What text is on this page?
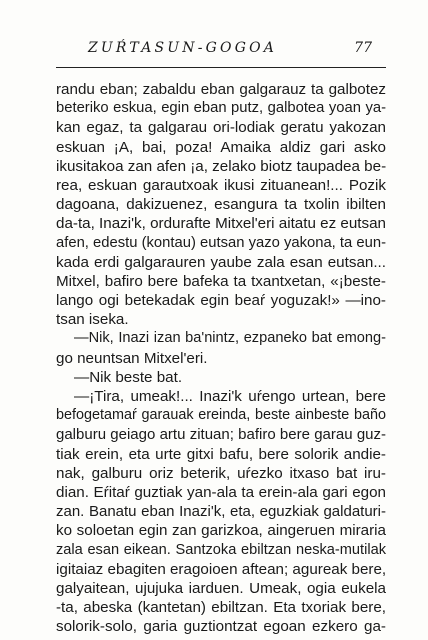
ZUŔTASUN-GOGOA	77
randu eban; zabaldu eban galgarauz ta galbotez
beteriko eskua, egin eban putz, galbotea yoan ya-
kan egaz, ta galgarau ori-lodiak geratu yakozan
eskuan ¡A, bai, poza! Amaika aldiz gari asko
ikusitakoa zan afen ¡a, zelako biotz taupadea be-
rea, eskuan garautxoak ikusi zituanean!... Pozik
dagoana, dakizuenez, esangura ta txolin ibilten
da-ta, Inazi'k, ordurafte Mitxel'eri aitatu ez eutsan
afen, edestu (kontau) eutsan yazo yakona, ta eun-
kada erdi galgarauren yaube zala esan eutsan...
Mitxel, bafiro bere bafeka ta txantxetan, «¡beste-
lango ogi betekadak egin beaŕ yoguzak!» —ino-
tsan iseka.
—Nik, Inazi izan ba'nintz, ezpaneko bat emong-
go neuntsan Mitxel'eri.
—Nik beste bat.
—¡Tira, umeak!... Inazi'k uŕengo urtean, bere
befogetamaŕ garauak ereinda, beste ainbeste baño
galburu geiago artu zituan; bafiro bere garau guz-
tiak erein, eta urte gitxi bafu, bere solorik andie-
nak, galburu oriz beterik, uŕezko itxaso bat iru-
dian. Eŕitaŕ guztiak yan-ala ta erein-ala gari egon
zan. Banatu eban Inazi'k, eta, eguzkiak galdaturi-
ko soloetan egin zan garizkoa, aingeruen miraria
zala esan eikean. Santzoka ebiltzan neska-mutilak
igitaiaz ebagiten eragoioen aftean; agureak bere,
galyaitean, ujujuka iarduen. Umeak, ogia eukela
-ta, abeska (kantetan) ebiltzan. Eta txoriak bere,
solorik-solo, garia guztiontzat egoan ezkero ga-
